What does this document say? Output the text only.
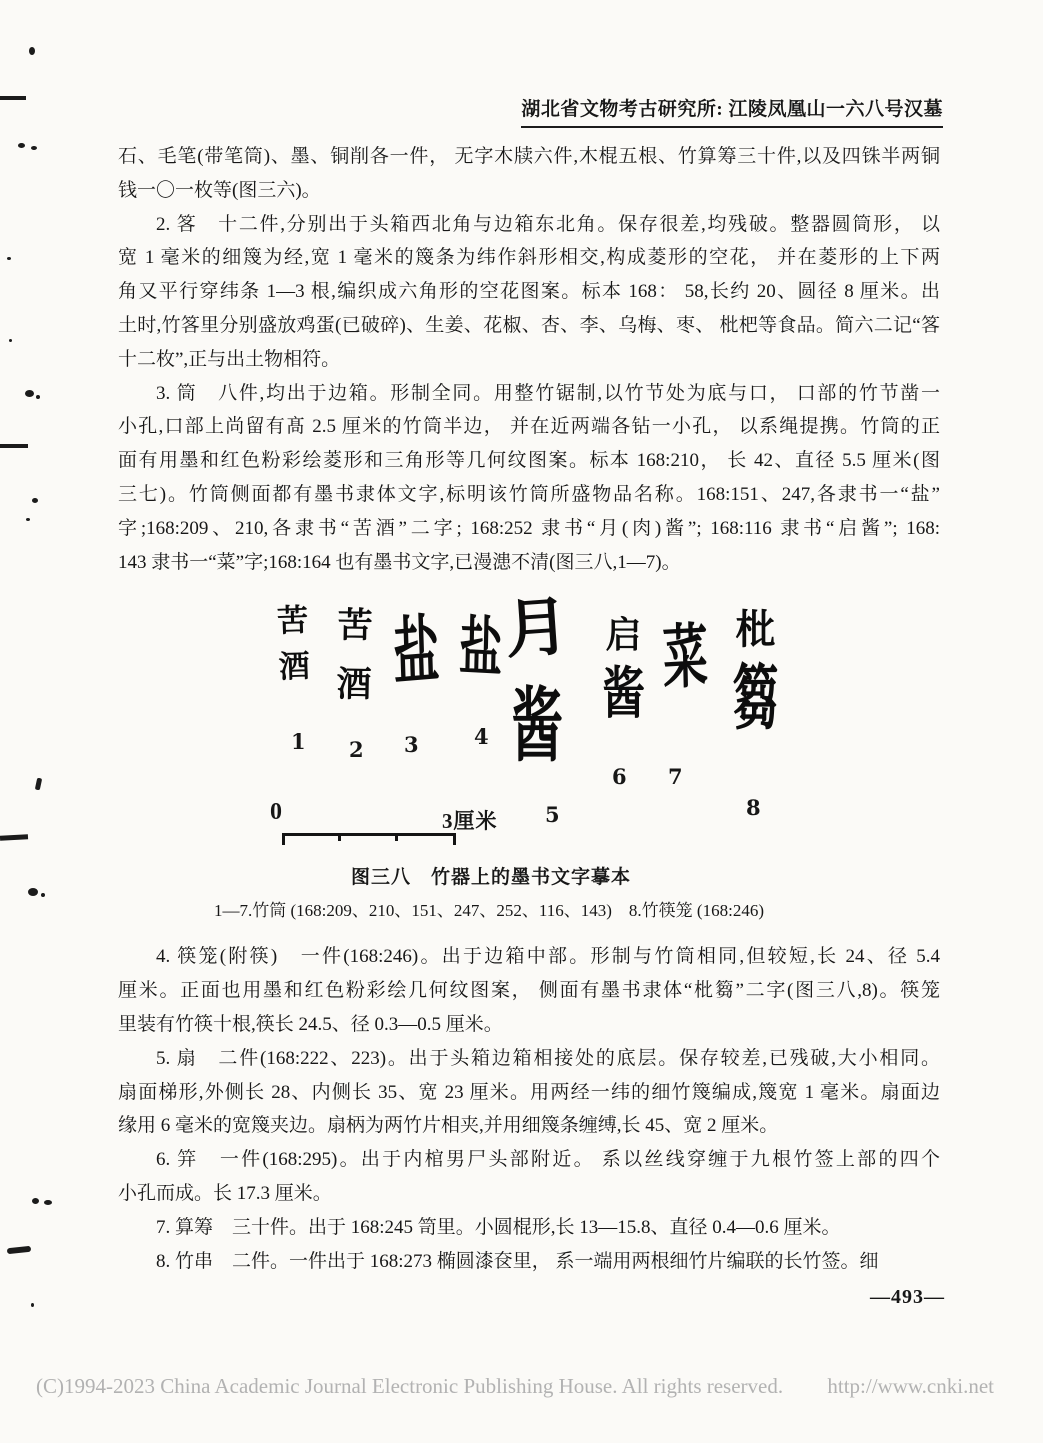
湖北省文物考古研究所: 江陵凤凰山一六八号汉墓
石、毛笔(带笔筒)、墨、铜削各一件， 无字木牍六件,木棍五根、竹算筹三十件,以及四铢半两铜
钱一〇一枚等(图三六)。
2. 笿　十二件,分别出于头箱西北角与边箱东北角。保存很差,均残破。整器圆筒形， 以
宽 1 毫米的细篾为经,宽 1 毫米的篾条为纬作斜形相交,构成菱形的空花， 并在菱形的上下两
角又平行穿纬条 1—3 根,编织成六角形的空花图案。标本 168： 58,长约 20、圆径 8 厘米。出
土时,竹笿里分别盛放鸡蛋(已破碎)、生姜、花椒、杏、李、乌梅、枣、 枇杷等食品。简六二记“笿
十二枚”,正与出土物相符。
3. 筒　八件,均出于边箱。形制全同。用整竹锯制,以竹节处为底与口， 口部的竹节凿一
小孔,口部上尚留有髙 2.5 厘米的竹筒半边， 并在近两端各钻一小孔， 以系绳提携。竹筒的正
面有用墨和红色粉彩绘菱形和三角形等几何纹图案。标本 168:210， 长 42、直径 5.5 厘米(图
三七)。竹筒侧面都有墨书隶体文字,标明该竹筒所盛物品名称。168:151、247,各隶书一“盐”
字;168:209、210,各隶书“苦酒”二字; 168:252 隶书“月(肉)酱”; 168:116 隶书“启酱”; 168:
143 隶书一“菜”字;168:164 也有墨书文字,已漫漶不清(图三八,1—7)。
苦
酒
1
苦
酒
2
盐
3
盐
4
月
酱
5
启
酱
6
菜
7
枇
篘
8
0	3厘米
图三八　竹器上的墨书文字摹本
1—7.竹筒 (168:209、210、151、247、252、116、143)　8.竹筷笼 (168:246)
4. 筷笼(附筷)　一件(168:246)。出于边箱中部。形制与竹筒相同,但较短,长 24、径 5.4
厘米。正面也用墨和红色粉彩绘几何纹图案， 侧面有墨书隶体“枇篘”二字(图三八,8)。筷笼
里装有竹筷十根,筷长 24.5、径 0.3—0.5 厘米。
5. 扇　二件(168:222、223)。出于头箱边箱相接处的底层。保存较差,已残破,大小相同。
扇面梯形,外侧长 28、内侧长 35、宽 23 厘米。用两经一纬的细竹篾编成,篾宽 1 毫米。扇面边
缘用 6 毫米的宽篾夹边。扇柄为两竹片相夹,并用细篾条缠缚,长 45、宽 2 厘米。
6. 笄　一件(168:295)。出于内棺男尸头部附近。 系以丝线穿缠于九根竹签上部的四个
小孔而成。长 17.3 厘米。
7. 算筹　三十件。出于 168:245 笥里。小圆棍形,长 13—15.8、直径 0.4—0.6 厘米。
8. 竹串　二件。一件出于 168:273 椭圆漆奁里， 系一端用两根细竹片编联的长竹签。细
—493—
(C)1994-2023 China Academic Journal Electronic Publishing House. All rights reserved. http://www.cnki.net
